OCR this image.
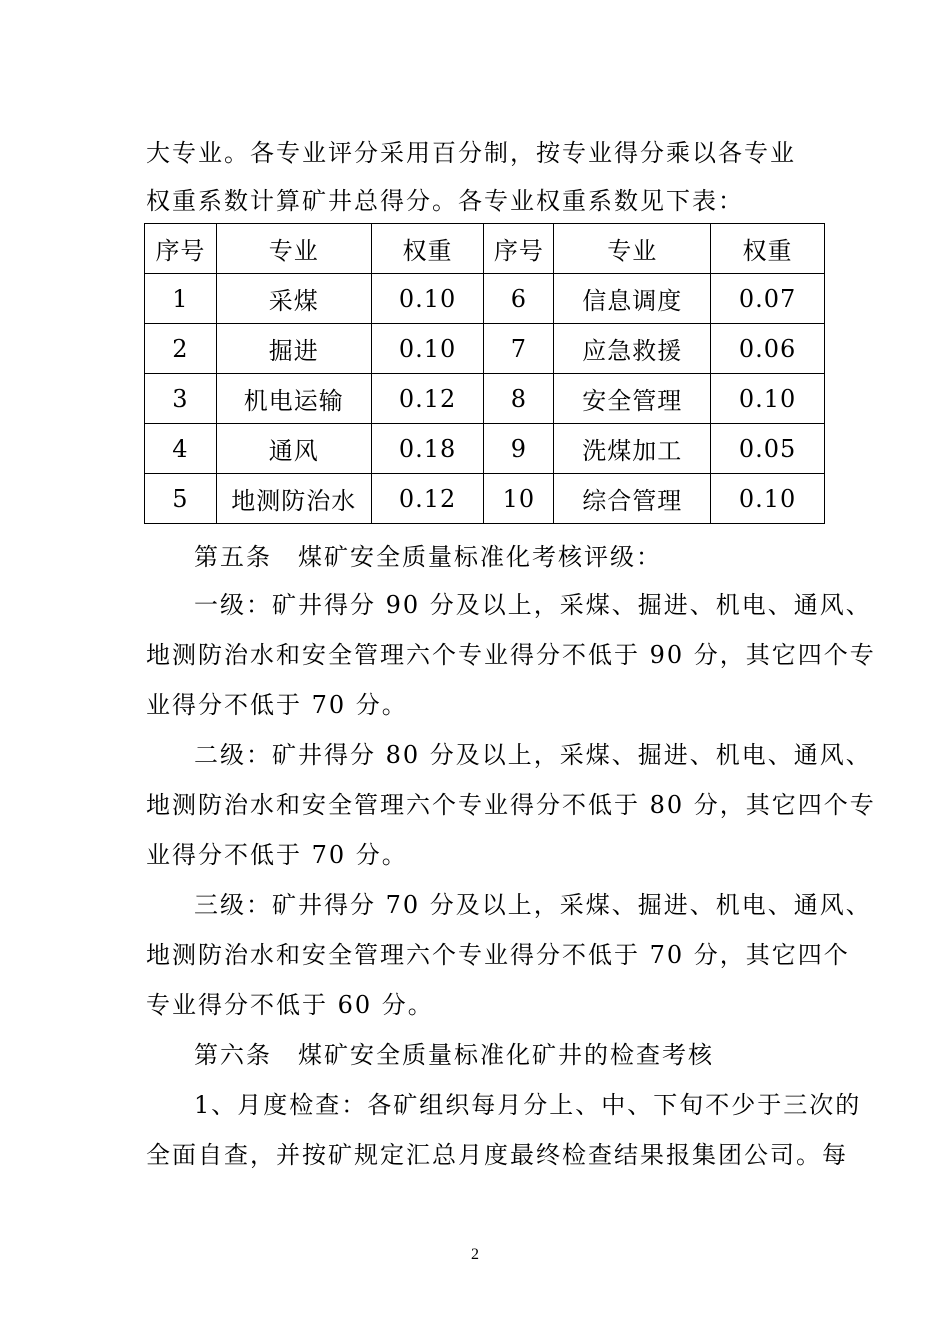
大专业。各专业评分采用百分制，按专业得分乘以各专业
权重系数计算矿井总得分。各专业权重系数见下表：
序号	专业	权重	序号	专业	权重
1	采煤	0.10	6	信息调度	0.07
2	掘进	0.10	7	应急救援	0.06
3	机电运输	0.12	8	安全管理	0.10
4	通风	0.18	9	洗煤加工	0.05
5	地测防治水	0.12	10	综合管理	0.10
第五条　煤矿安全质量标准化考核评级：
一级：矿井得分 90 分及以上，采煤、掘进、机电、通风、
地测防治水和安全管理六个专业得分不低于 90 分，其它四个专
业得分不低于 70 分。
二级：矿井得分 80 分及以上，采煤、掘进、机电、通风、
地测防治水和安全管理六个专业得分不低于 80 分，其它四个专
业得分不低于 70 分。
三级：矿井得分 70 分及以上，采煤、掘进、机电、通风、
地测防治水和安全管理六个专业得分不低于 70 分，其它四个
专业得分不低于 60 分。
第六条　煤矿安全质量标准化矿井的检查考核
1、月度检查：各矿组织每月分上、中、下旬不少于三次的
全面自查，并按矿规定汇总月度最终检查结果报集团公司。每
2
